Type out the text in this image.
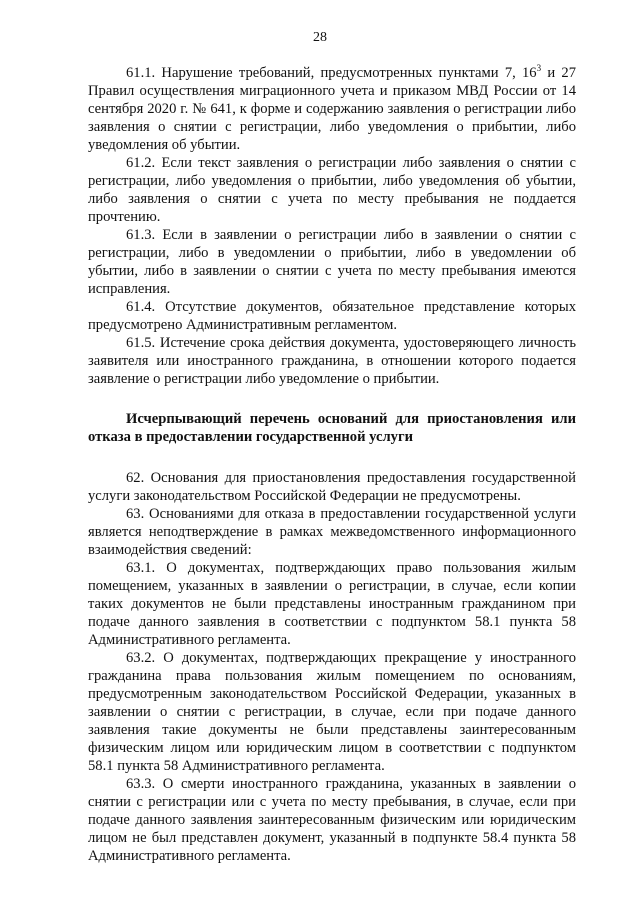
28

61.1. Нарушение требований, предусмотренных пунктами 7, $16^3$ и 27 Правил осуществления миграционного учета и приказом МВД России от 14 сентября 2020 г. № 641, к форме и содержанию заявления о регистрации либо заявления о снятии с регистрации, либо уведомления о прибытии, либо уведомления об убытии.

61.2. Если текст заявления о регистрации либо заявления о снятии с регистрации, либо уведомления о прибытии, либо уведомления об убытии, либо заявления о снятии с учета по месту пребывания не поддается прочтению.

61.3. Если в заявлении о регистрации либо в заявлении о снятии с регистрации, либо в уведомлении о прибытии, либо в уведомлении об убытии, либо в заявлении о снятии с учета по месту пребывания имеются исправления.

61.4. Отсутствие документов, обязательное представление которых предусмотрено Административным регламентом.

61.5. Истечение срока действия документа, удостоверяющего личность заявителя или иностранного гражданина, в отношении которого подается заявление о регистрации либо уведомление о прибытии.

Исчерпывающий перечень оснований для приостановления или отказа в предоставлении государственной услуги

62. Основания для приостановления предоставления государственной услуги законодательством Российской Федерации не предусмотрены.

63. Основаниями для отказа в предоставлении государственной услуги является неподтверждение в рамках межведомственного информационного взаимодействия сведений:

63.1. О документах, подтверждающих право пользования жилым помещением, указанных в заявлении о регистрации, в случае, если копии таких документов не были представлены иностранным гражданином при подаче данного заявления в соответствии с подпунктом 58.1 пункта 58 Административного регламента.

63.2. О документах, подтверждающих прекращение у иностранного гражданина права пользования жилым помещением по основаниям, предусмотренным законодательством Российской Федерации, указанных в заявлении о снятии с регистрации, в случае, если при подаче данного заявления такие документы не были представлены заинтересованным физическим лицом или юридическим лицом в соответствии с подпунктом 58.1 пункта 58 Административного регламента.

63.3. О смерти иностранного гражданина, указанных в заявлении о снятии с регистрации или с учета по месту пребывания, в случае, если при подаче данного заявления заинтересованным физическим или юридическим лицом не был представлен документ, указанный в подпункте 58.4 пункта 58 Административного регламента.
